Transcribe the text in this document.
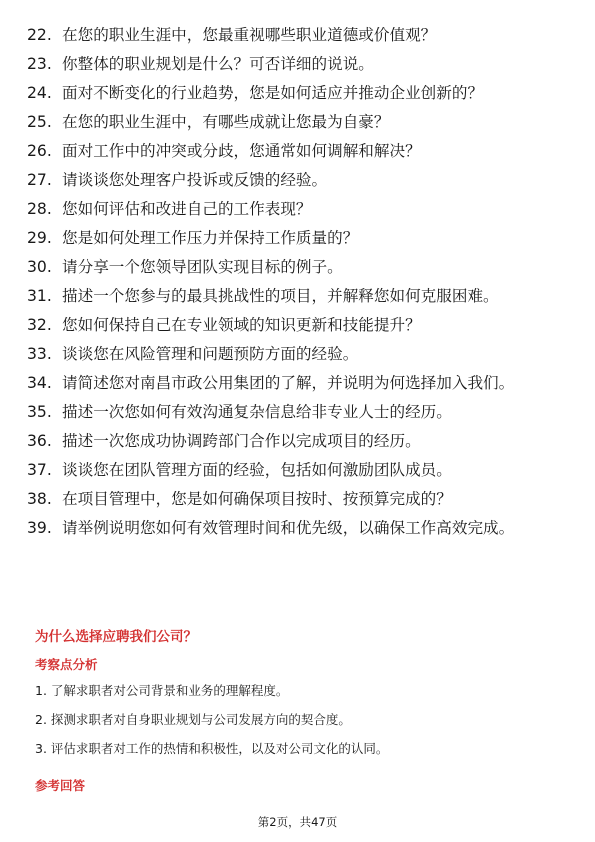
22. 在您的职业生涯中，您最重视哪些职业道德或价值观？
23. 你整体的职业规划是什么？可否详细的说说。
24. 面对不断变化的行业趋势，您是如何适应并推动企业创新的？
25. 在您的职业生涯中，有哪些成就让您最为自豪？
26. 面对工作中的冲突或分歧，您通常如何调解和解决？
27. 请谈谈您处理客户投诉或反馈的经验。
28. 您如何评估和改进自己的工作表现？
29. 您是如何处理工作压力并保持工作质量的？
30. 请分享一个您领导团队实现目标的例子。
31. 描述一个您参与的最具挑战性的项目，并解释您如何克服困难。
32. 您如何保持自己在专业领域的知识更新和技能提升？
33. 谈谈您在风险管理和问题预防方面的经验。
34. 请简述您对南昌市政公用集团的了解，并说明为何选择加入我们。
35. 描述一次您如何有效沟通复杂信息给非专业人士的经历。
36. 描述一次您成功协调跨部门合作以完成项目的经历。
37. 谈谈您在团队管理方面的经验，包括如何激励团队成员。
38. 在项目管理中，您是如何确保项目按时、按预算完成的？
39. 请举例说明您如何有效管理时间和优先级，以确保工作高效完成。
为什么选择应聘我们公司？
考察点分析
1. 了解求职者对公司背景和业务的理解程度。
2. 探测求职者对自身职业规划与公司发展方向的契合度。
3. 评估求职者对工作的热情和积极性，以及对公司文化的认同。
参考回答
第2页，共47页
